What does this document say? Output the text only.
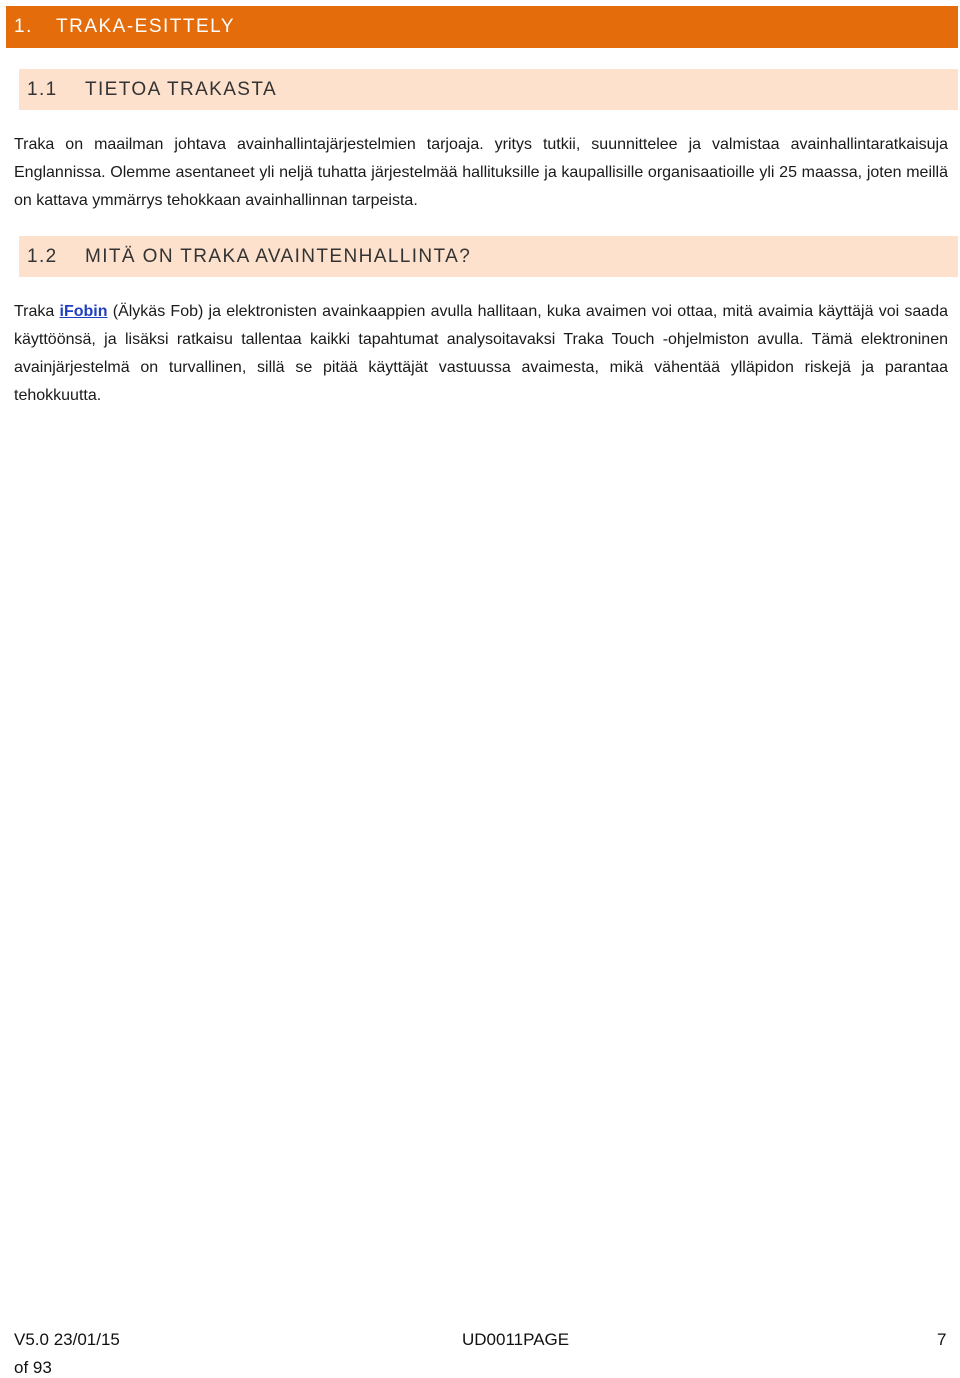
1.	TRAKA-ESITTELY
1.1	TIETOA TRAKASTA

Traka on maailman johtava avainhallintajärjestelmien tarjoaja. yritys tutkii, suunnittelee ja valmistaa avainhallintaratkaisuja Englannissa. Olemme asentaneet yli neljä tuhatta järjestelmää hallituksille ja kaupallisille organisaatioille yli 25 maassa, joten meillä on kattava ymmärrys tehokkaan avainhallinnan tarpeista.

1.2	MITÄ ON TRAKA AVAINTENHALLINTA?

Traka iFobin (Älykäs Fob) ja elektronisten avainkaappien avulla hallitaan, kuka avaimen voi ottaa, mitä avaimia käyttäjä voi saada käyttöönsä, ja lisäksi ratkaisu tallentaa kaikki tapahtumat analysoitavaksi Traka Touch -ohjelmiston avulla. Tämä elektroninen avainjärjestelmä on turvallinen, sillä se pitää käyttäjät vastuussa avaimesta, mikä vähentää ylläpidon riskejä ja parantaa tehokkuutta.

V5.0 23/01/15	UD0011PAGE	7
of 93
